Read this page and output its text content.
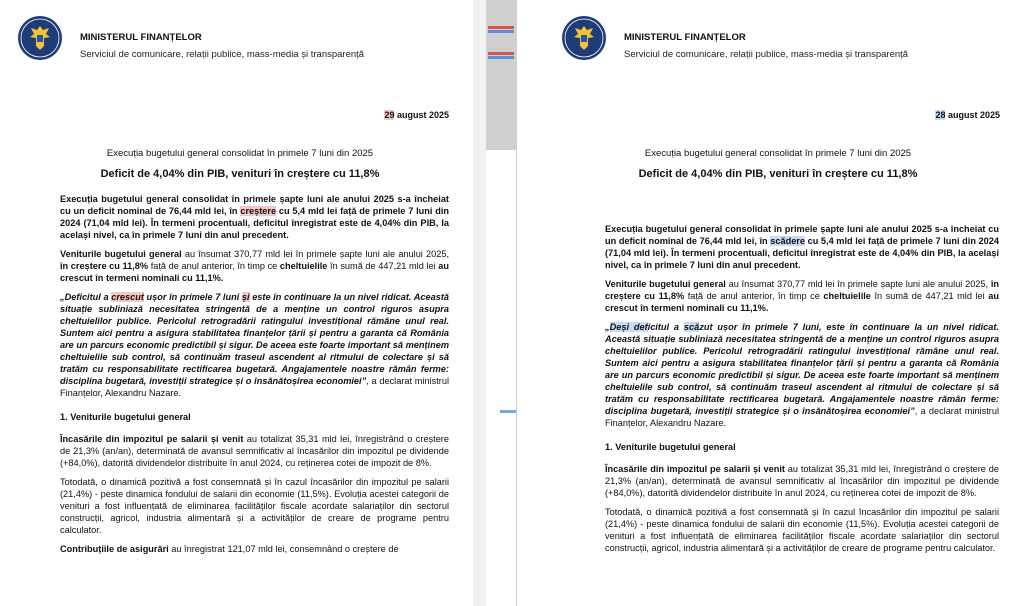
MINISTERUL FINANȚELOR
Serviciul de comunicare, relații publice, mass-media și transparență
29 august 2025
Execuția bugetului general consolidat în primele 7 luni din 2025
Deficit de 4,04% din PIB, venituri în creștere cu 11,8%

Execuția bugetului general consolidat în primele șapte luni ale anului 2025 s-a încheiat cu un deficit nominal de 76,44 mld lei, în creștere cu 5,4 mld lei față de primele 7 luni din 2024 (71,04 mld lei). În termeni procentuali, deficitul înregistrat este de 4,04% din PIB, la același nivel, ca în primele 7 luni din anul precedent.

Veniturile bugetului general au însumat 370,77 mld lei în primele șapte luni ale anului 2025, în creștere cu 11,8% față de anul anterior, în timp ce cheltuielile în sumă de 447,21 mld lei au crescut în termeni nominali cu 11,1%.

„Deficitul a crescut ușor în primele 7 luni și este în continuare la un nivel ridicat. Această situație subliniază necesitatea stringentă de a menține un control riguros asupra cheltuielilor publice. Pericolul retrogradării ratingului investițional rămâne unul real. Suntem aici pentru a asigura stabilitatea finanțelor țării și pentru a garanta că România are un parcurs economic predictibil și sigur. De aceea este foarte important să menținem cheltuielile sub control, să continuăm traseul ascendent al ritmului de colectare și să tratăm cu responsabilitate rectificarea bugetară. Angajamentele noastre rămân ferme: disciplina bugetară, investiții strategice și o însănătoșirea economiei”, a declarat ministrul Finanțelor, Alexandru Nazare.

1. Veniturile bugetului general

Încasările din impozitul pe salarii și venit au totalizat 35,31 mld lei, înregistrând o creștere de 21,3% (an/an), determinată de avansul semnificativ al încasărilor din impozitul pe dividende (+84,0%), datorită dividendelor distribuite în anul 2024, cu reținerea cotei de impozit de 8%.

Totodată, o dinamică pozitivă a fost consemnată și în cazul încasărilor din impozitul pe salarii (21,4%) - peste dinamica fondului de salarii din economie (11,5%). Evoluția acestei categorii de venituri a fost influențată de eliminarea facilităților fiscale acordate salariaților din sectorul construcții, agricol, industria alimentară și a activităților de creare de programe pentru calculator.

Contribuțiile de asigurări au înregistrat 121,07 mld lei, consemnând o creștere de

MINISTERUL FINANȚELOR
Serviciul de comunicare, relații publice, mass-media și transparență
28 august 2025
Execuția bugetului general consolidat în primele 7 luni din 2025
Deficit de 4,04% din PIB, venituri în creștere cu 11,8%

Execuția bugetului general consolidat în primele șapte luni ale anului 2025 s-a încheiat cu un deficit nominal de 76,44 mld lei, în scădere cu 5,4 mld lei față de primele 7 luni din 2024 (71,04 mld lei). În termeni procentuali, deficitul înregistrat este de 4,04% din PIB, la același nivel, ca în primele 7 luni din anul precedent.

Veniturile bugetului general au însumat 370,77 mld lei în primele șapte luni ale anului 2025, în creștere cu 11,8% față de anul anterior, în timp ce cheltuielile în sumă de 447,21 mld lei au crescut în termeni nominali cu 11,1%.

„Deși deficitul a scăzut ușor în primele 7 luni, este în continuare la un nivel ridicat. Această situație subliniază necesitatea stringentă de a menține un control riguros asupra cheltuielilor publice. Pericolul retrogradării ratingului investițional rămâne unul real. Suntem aici pentru a asigura stabilitatea finanțelor țării și pentru a garanta că România are un parcurs economic predictibil și sigur. De aceea este foarte important să menținem cheltuielile sub control, să continuăm traseul ascendent al ritmului de colectare și să tratăm cu responsabilitate rectificarea bugetară. Angajamentele noastre rămân ferme: disciplina bugetară, investiții strategice și o însănătoșirea economiei”, a declarat ministrul Finanțelor, Alexandru Nazare.

1. Veniturile bugetului general

Încasările din impozitul pe salarii și venit au totalizat 35,31 mld lei, înregistrând o creștere de 21,3% (an/an), determinată de avansul semnificativ al încasărilor din impozitul pe dividende (+84,0%), datorită dividendelor distribuite în anul 2024, cu reținerea cotei de impozit de 8%.

Totodată, o dinamică pozitivă a fost consemnată și în cazul încasărilor din impozitul pe salarii (21,4%) - peste dinamica fondului de salarii din economie (11,5%). Evoluția acestei categorii de venituri a fost influențată de eliminarea facilităților fiscale acordate salariaților din sectorul construcții, agricol, industria alimentară și a activităților de creare de programe pentru calculator.
